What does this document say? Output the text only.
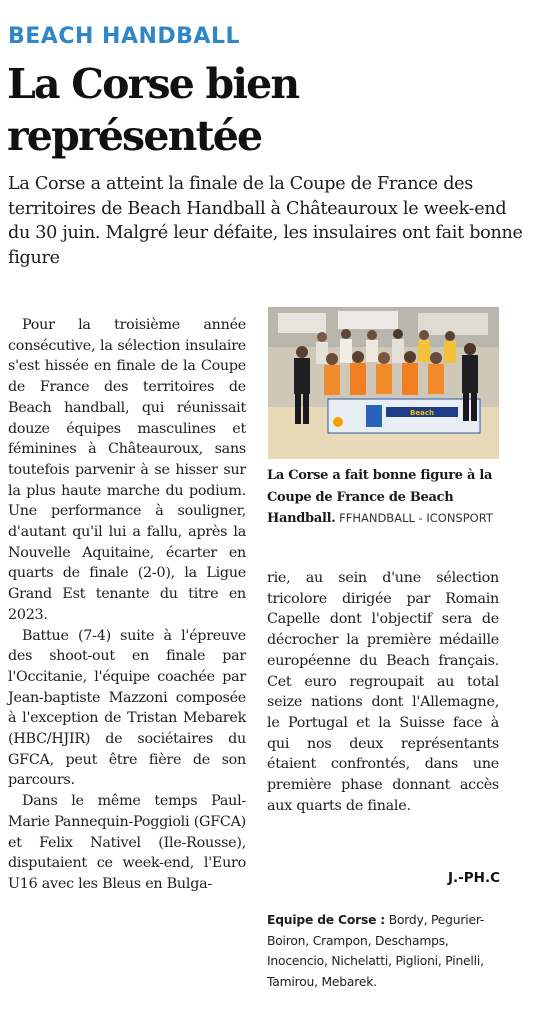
BEACH HANDBALL
La Corse bien représentée
La Corse a atteint la finale de la Coupe de France des territoires de Beach Handball à Châteauroux le week-end du 30 juin. Malgré leur défaite, les insulaires ont fait bonne figure

Pour la troisième année consécutive, la sélection insulaire s'est hissée en finale de la Coupe de France des territoires de Beach handball, qui réunissait douze équipes masculines et féminines à Châteauroux, sans toutefois parvenir à se hisser sur la plus haute marche du podium. Une performance à souligner, d'autant qu'il lui a fallu, après la Nouvelle Aquitaine, écarter en quarts de finale (2-0), la Ligue Grand Est tenante du titre en 2023.

Battue (7-4) suite à l'épreuve des shoot-out en finale par l'Occitanie, l'équipe coachée par Jean-baptiste Mazzoni composée à l'exception de Tristan Mebarek (HBC/HJIR) de sociétaires du GFCA, peut être fière de son parcours.

Dans le même temps Paul-Marie Pannequin-Poggioli (GFCA) et Felix Nativel (Ile-Rousse), disputaient ce week-end, l'Euro U16 avec les Bleus en Bulga-

Beach
La Corse a fait bonne figure à la Coupe de France de Beach Handball. FFHANDBALL - ICONSPORT

rie, au sein d'une sélection tricolore dirigée par Romain Capelle dont l'objectif sera de décrocher la première médaille européenne du Beach français. Cet euro regroupait au total seize nations dont l'Allemagne, le Portugal et la Suisse face à qui nos deux représentants étaient confrontés, dans une première phase donnant accès aux quarts de finale.

J.-PH.C
Equipe de Corse : Bordy, Pegurier-Boiron, Crampon, Deschamps, Inocencio, Nichelatti, Piglioni, Pinelli, Tamirou, Mebarek.
